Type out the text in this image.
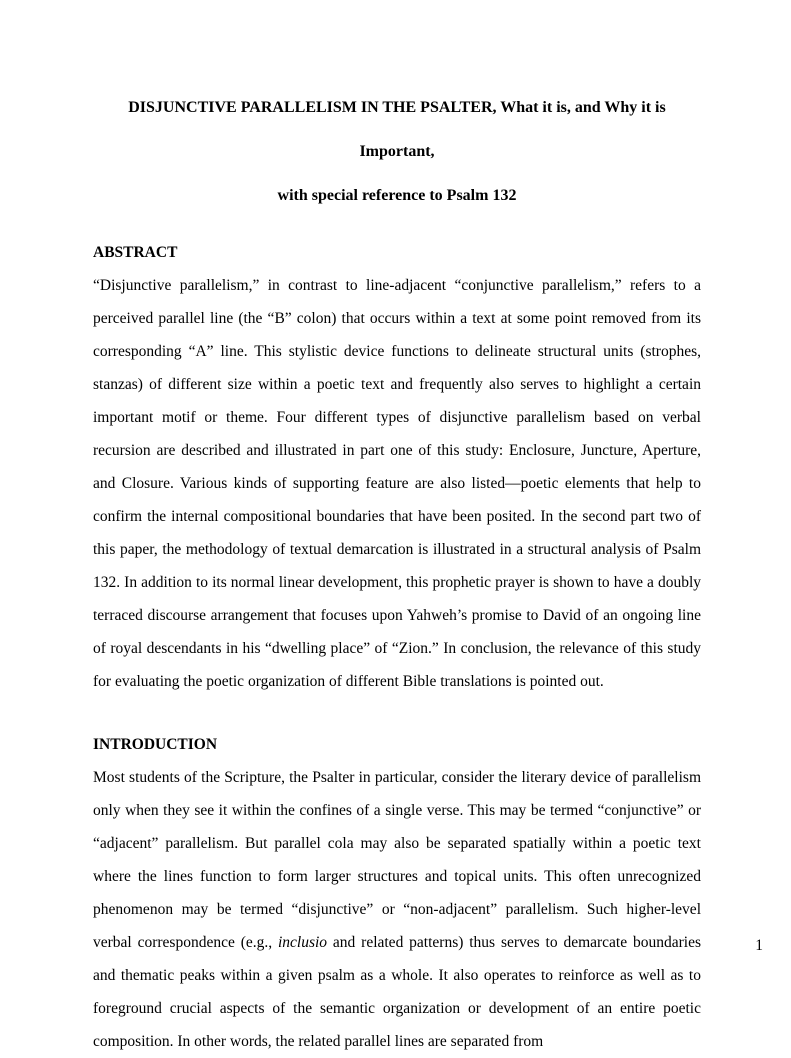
DISJUNCTIVE PARALLELISM IN THE PSALTER, What it is, and Why it is Important,
with special reference to Psalm 132
ABSTRACT

“Disjunctive parallelism,” in contrast to line-adjacent “conjunctive parallelism,” refers to a perceived parallel line (the “B” colon) that occurs within a text at some point removed from its corresponding “A” line. This stylistic device functions to delineate structural units (strophes, stanzas) of different size within a poetic text and frequently also serves to highlight a certain important motif or theme. Four different types of disjunctive parallelism based on verbal recursion are described and illustrated in part one of this study: Enclosure, Juncture, Aperture, and Closure. Various kinds of supporting feature are also listed—poetic elements that help to confirm the internal compositional boundaries that have been posited. In the second part two of this paper, the methodology of textual demarcation is illustrated in a structural analysis of Psalm 132. In addition to its normal linear development, this prophetic prayer is shown to have a doubly terraced discourse arrangement that focuses upon Yahweh’s promise to David of an ongoing line of royal descendants in his “dwelling place” of “Zion.” In conclusion, the relevance of this study for evaluating the poetic organization of different Bible translations is pointed out.

INTRODUCTION

Most students of the Scripture, the Psalter in particular, consider the literary device of parallelism only when they see it within the confines of a single verse. This may be termed “conjunctive” or “adjacent” parallelism. But parallel cola may also be separated spatially within a poetic text where the lines function to form larger structures and topical units. This often unrecognized phenomenon may be termed “disjunctive” or “non-adjacent” parallelism. Such higher-level verbal correspondence (e.g., inclusio and related patterns) thus serves to demarcate boundaries and thematic peaks within a given psalm as a whole. It also operates to reinforce as well as to foreground crucial aspects of the semantic organization or development of an entire poetic composition. In other words, the related parallel lines are separated from

1
